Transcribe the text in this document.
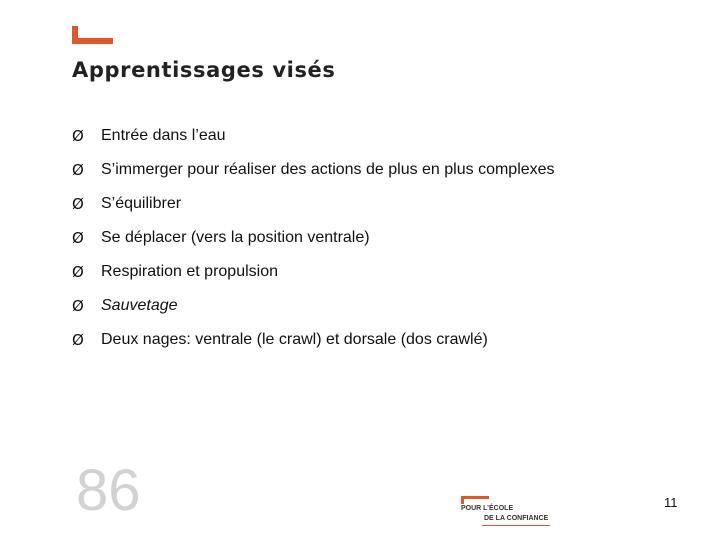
Apprentissages visés
Ø	Entrée dans l’eau
Ø	S’immerger pour réaliser des actions de plus en plus complexes
Ø	S’équilibrer
Ø	Se déplacer (vers la position ventrale)
Ø	Respiration et propulsion
Ø	Sauvetage
Ø	Deux nages: ventrale (le crawl) et dorsale (dos crawlé)
86	POUR L’ÉCOLE
DE LA CONFIANCE
11
